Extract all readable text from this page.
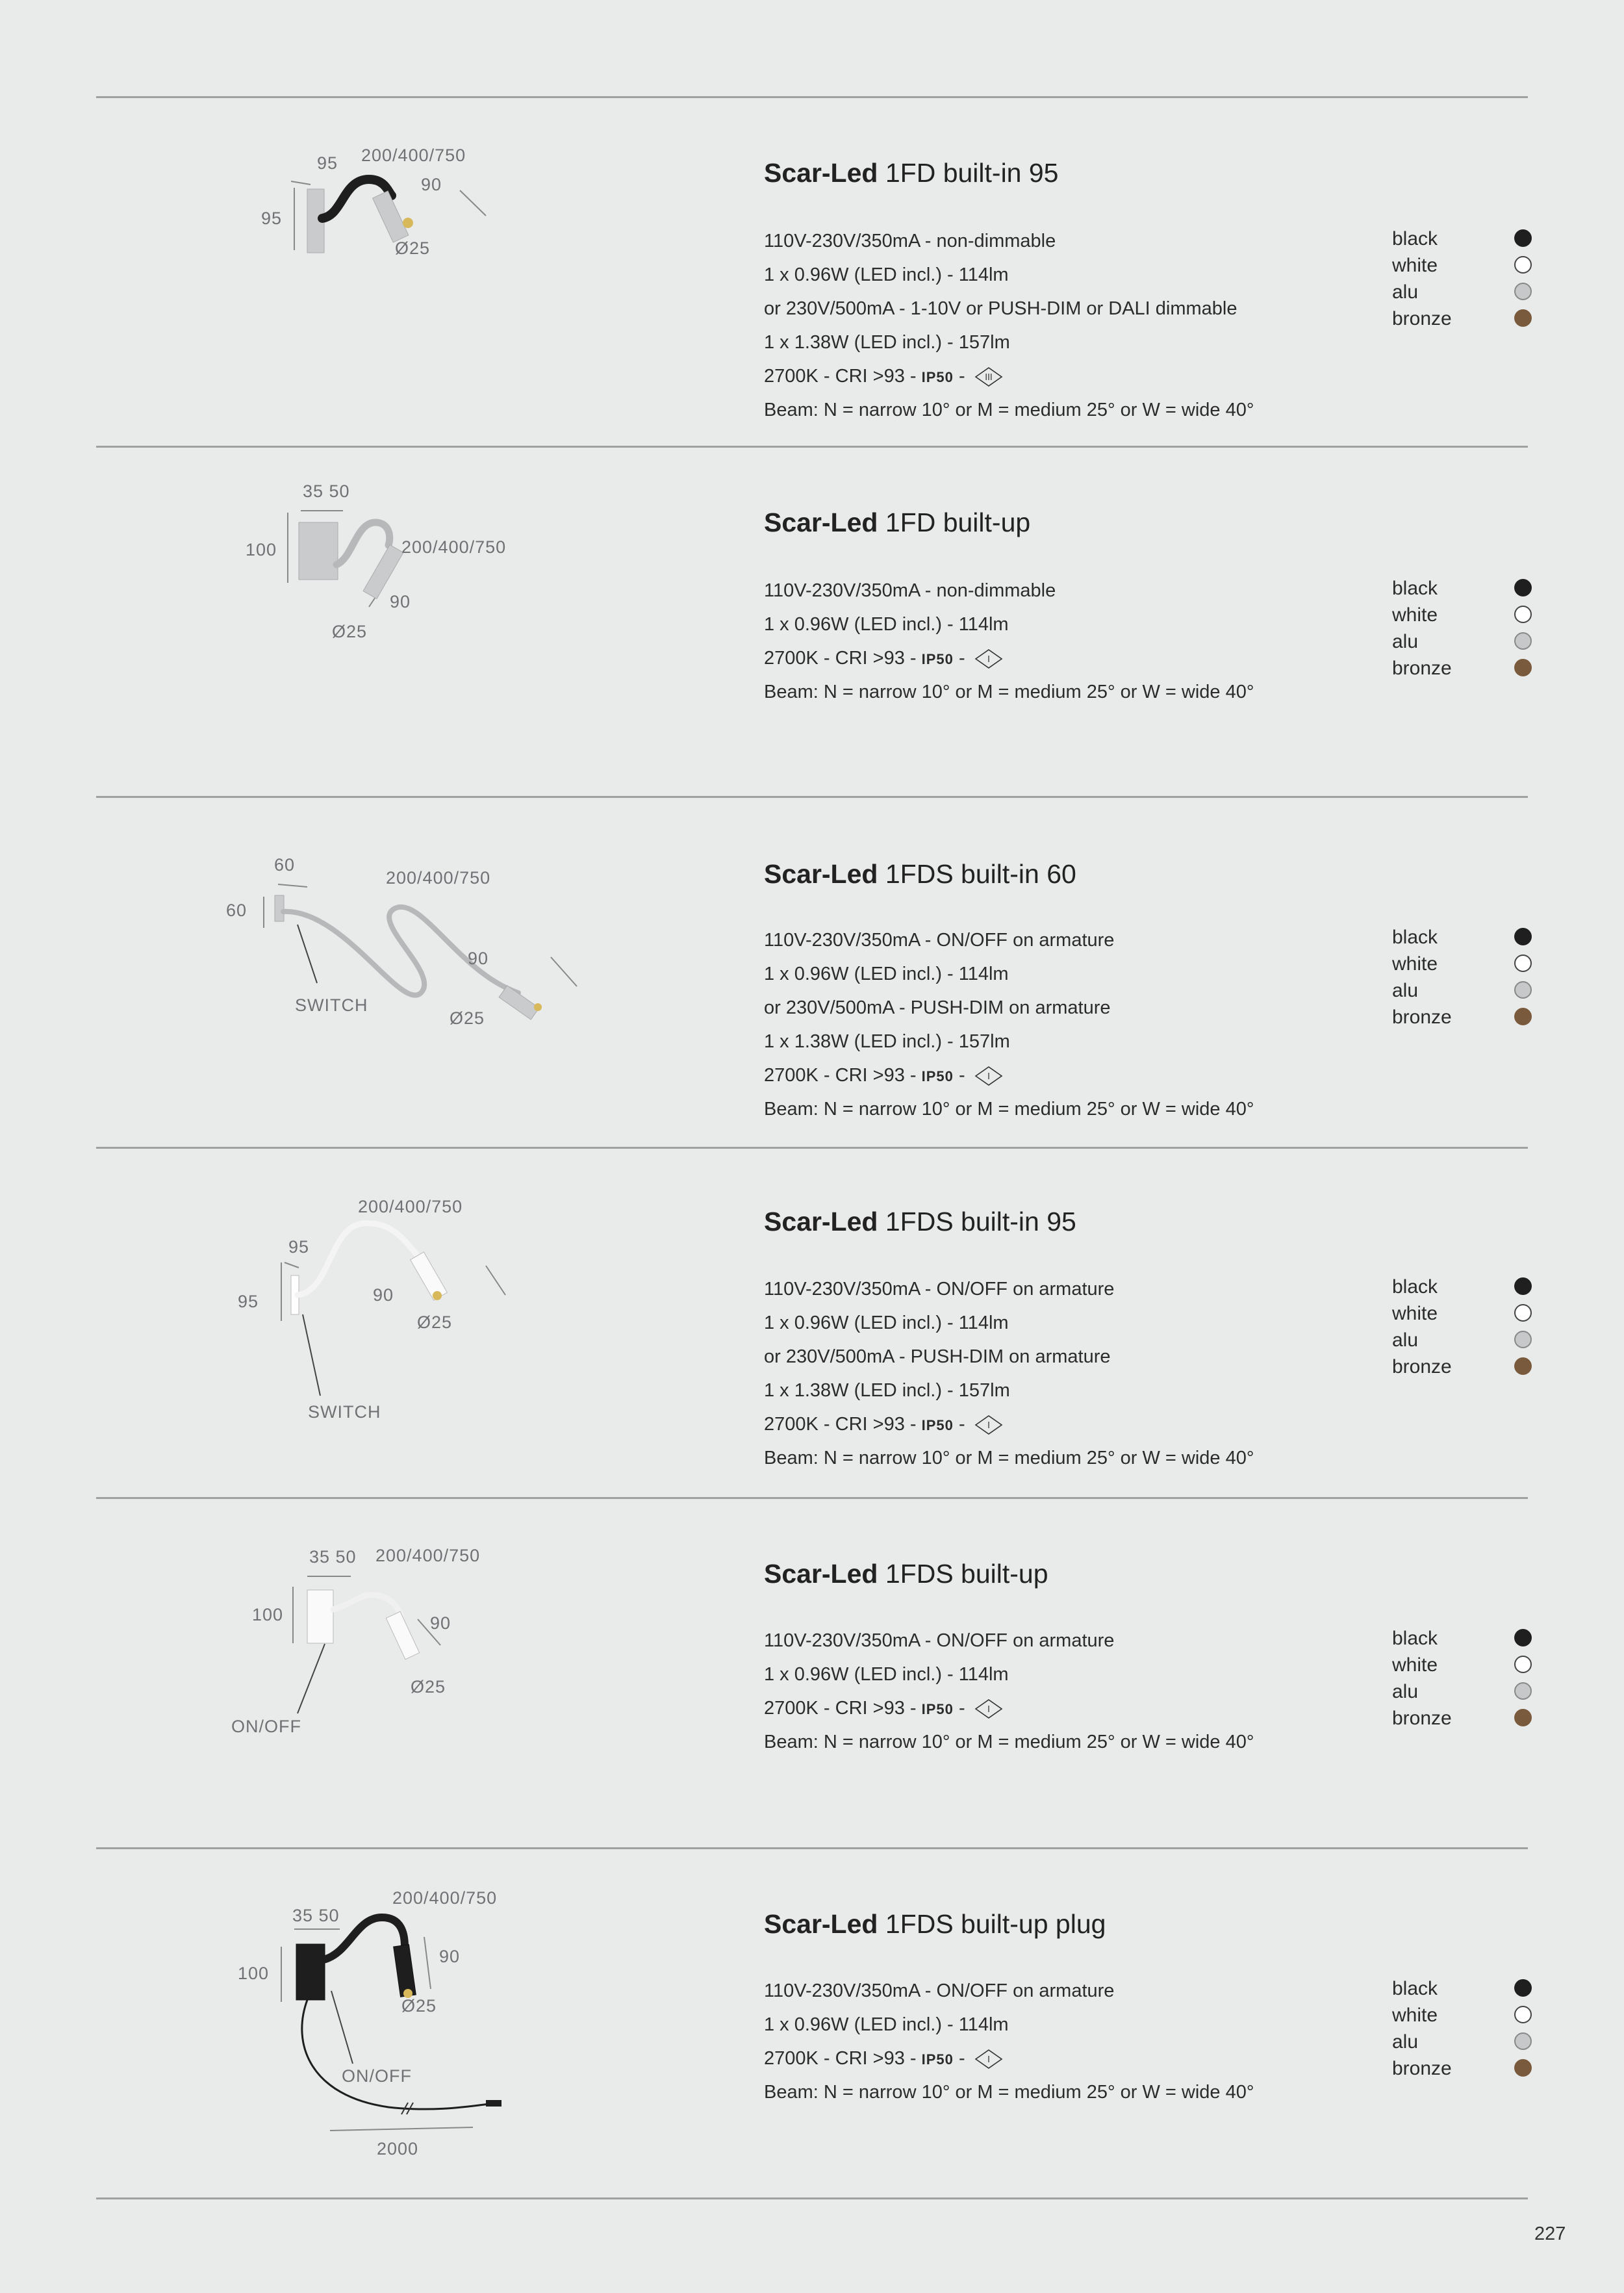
95 200/400/750
90
95
Ø25
Scar-Led 1FD built-in 95
110V-230V/350mA - non-dimmable
1 x 0.96W (LED incl.) - 114lm
or 230V/500mA - 1-10V or PUSH-DIM or DALI dimmable
1 x 1.38W (LED incl.) - 157lm
2700K - CRI >93 - IP50 - III
Beam: N = narrow 10° or M = medium 25° or W = wide 40°
black
white
alu
bronze
35 50
100	200/400/750
90
Ø25
Scar-Led 1FD built-up
110V-230V/350mA - non-dimmable
1 x 0.96W (LED incl.) - 114lm
2700K - CRI >93 - IP50 - I
Beam: N = narrow 10° or M = medium 25° or W = wide 40°
black
white
alu
bronze
60
200/400/750
60
90
SWITCH
Ø25
Scar-Led 1FDS built-in 60
110V-230V/350mA - ON/OFF on armature
1 x 0.96W (LED incl.) - 114lm
or 230V/500mA - PUSH-DIM on armature
1 x 1.38W (LED incl.) - 157lm
2700K - CRI >93 - IP50 - I
Beam: N = narrow 10° or M = medium 25° or W = wide 40°
black
white
alu
bronze
200/400/750
95
95	90
Ø25
SWITCH
Scar-Led 1FDS built-in 95
110V-230V/350mA - ON/OFF on armature
1 x 0.96W (LED incl.) - 114lm
or 230V/500mA - PUSH-DIM on armature
1 x 1.38W (LED incl.) - 157lm
2700K - CRI >93 - IP50 - I
Beam: N = narrow 10° or M = medium 25° or W = wide 40°
black
white
alu
bronze
35 50 200/400/750
100	90
Ø25
ON/OFF
Scar-Led 1FDS built-up
110V-230V/350mA - ON/OFF on armature
1 x 0.96W (LED incl.) - 114lm
2700K - CRI >93 - IP50 - I
Beam: N = narrow 10° or M = medium 25° or W = wide 40°
black
white
alu
bronze
200/400/750
35 50
90
100
Ø25
ON/OFF
2000
Scar-Led 1FDS built-up plug
110V-230V/350mA - ON/OFF on armature
1 x 0.96W (LED incl.) - 114lm
2700K - CRI >93 - IP50 - I
Beam: N = narrow 10° or M = medium 25° or W = wide 40°
black
white
alu
bronze
227
